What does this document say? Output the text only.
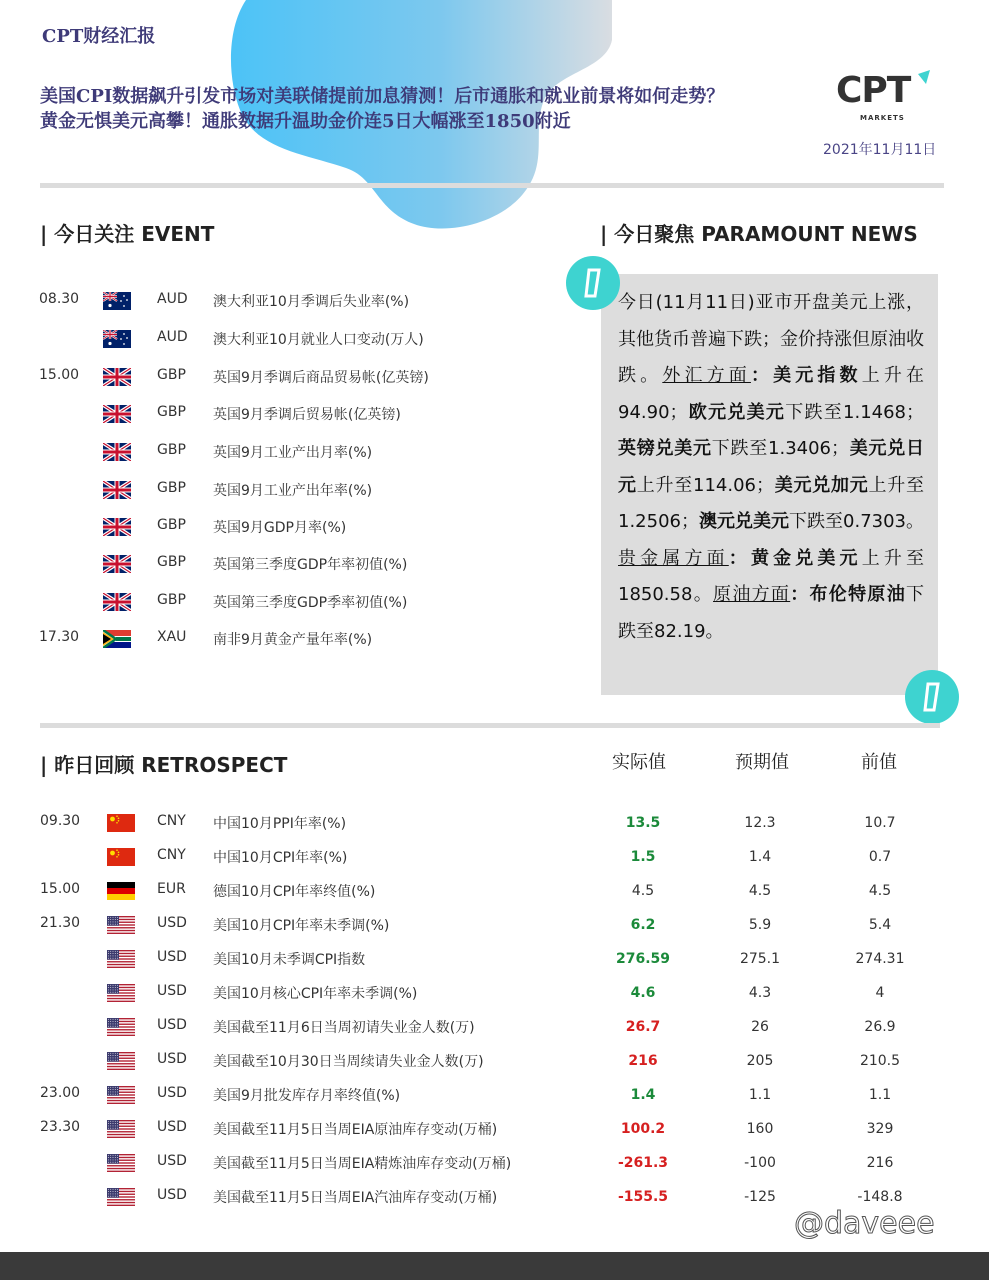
CPT财经汇报
美国CPI数据飙升引发市场对美联储提前加息猜测！后市通胀和就业前景将如何走势？
黄金无惧美元高攀！通胀数据升温助金价连5日大幅涨至1850附近
CPT
MARKETS
2021年11月11日
| 今日关注 EVENT
08.30	AUD 澳大利亚10月季调后失业率(%)
AUD 澳大利亚10月就业人口变动(万人)
15.00	GBP 英国9月季调后商品贸易帐(亿英镑)
GBP 英国9月季调后贸易帐(亿英镑)
GBP 英国9月工业产出月率(%)
GBP 英国9月工业产出年率(%)
GBP 英国9月GDP月率(%)
GBP 英国第三季度GDP年率初值(%)
GBP 英国第三季度GDP季率初值(%)
17.30	XAU 南非9月黄金产量年率(%)
| 今日聚焦 PARAMOUNT NEWS
今日(11月11日)亚市开盘美元上涨，其他货币普遍下跌；金价持涨但原油收跌。外汇方面：美元指数上升在 94.90；欧元兑美元下跌至1.1468；英镑兑美元下跌至1.3406；美元兑日元上升至114.06；美元兑加元上升至1.2506；澳元兑美元下跌至0.7303。贵金属方面：黄金兑美元上升至1850.58。原油方面：布伦特原油下跌至82.19。
| 昨日回顾 RETROSPECT	实际值	预期值	前值
09.30	CNY 中国10月PPI年率(%)	13.5	12.3	10.7
CNY 中国10月CPI年率(%)	1.5	1.4	0.7
15.00	EUR 德国10月CPI年率终值(%)	4.5	4.5	4.5
21.30	USD 美国10月CPI年率未季调(%)	6.2	5.9	5.4
USD 美国10月未季调CPI指数	276.59	275.1	274.31
USD 美国10月核心CPI年率未季调(%)	4.6	4.3	4
USD 美国截至11月6日当周初请失业金人数(万)	26.7	26	26.9
USD 美国截至10月30日当周续请失业金人数(万)	216	205	210.5
23.00	USD 美国9月批发库存月率终值(%)	1.4	1.1	1.1
23.30	USD 美国截至11月5日当周EIA原油库存变动(万桶)	100.2	160	329
USD 美国截至11月5日当周EIA精炼油库存变动(万桶)	-261.3	-100	216
USD 美国截至11月5日当周EIA汽油库存变动(万桶)	-155.5	-125	-148.8
@daveee
